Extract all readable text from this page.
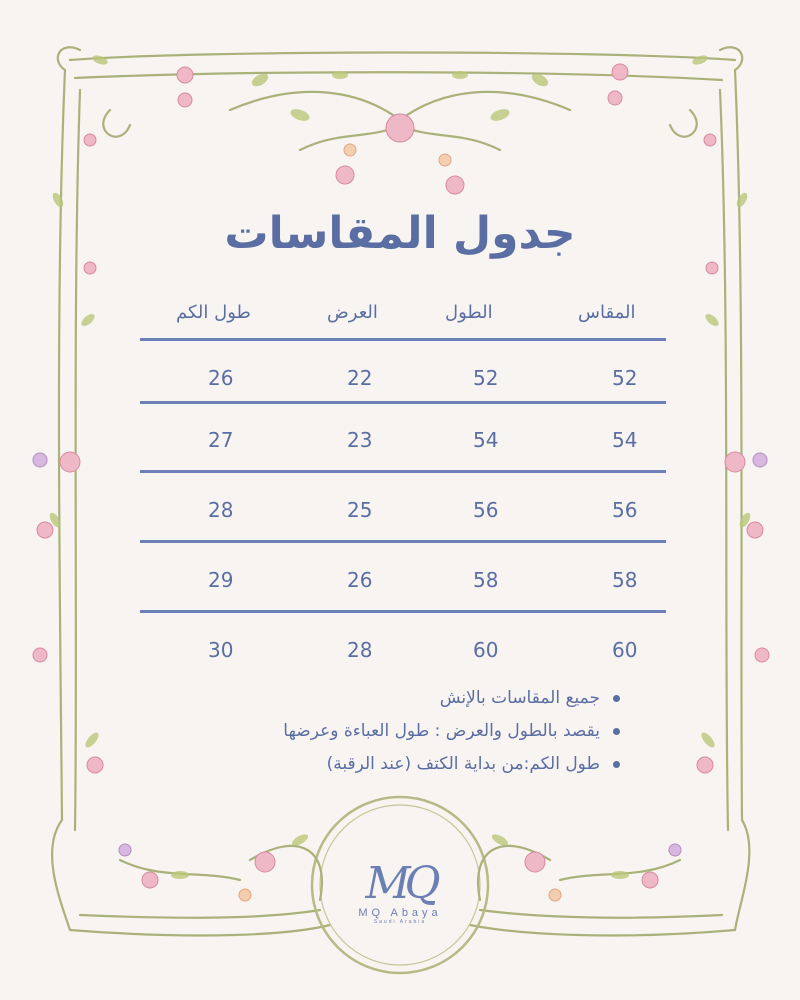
جدول المقاسات
المقاس
الطول
العرض
طول الكم
52
52
22
26
54
54
23
27
56
56
25
28
58
58
26
29
60
60
28
30
جميع المقاسات بالإنش
يقصد بالطول والعرض : طول العباءة وعرضها
طول الكم:من بداية الكتف (عند الرقبة)
MQ
MQ Abaya
Saudi Arabia
